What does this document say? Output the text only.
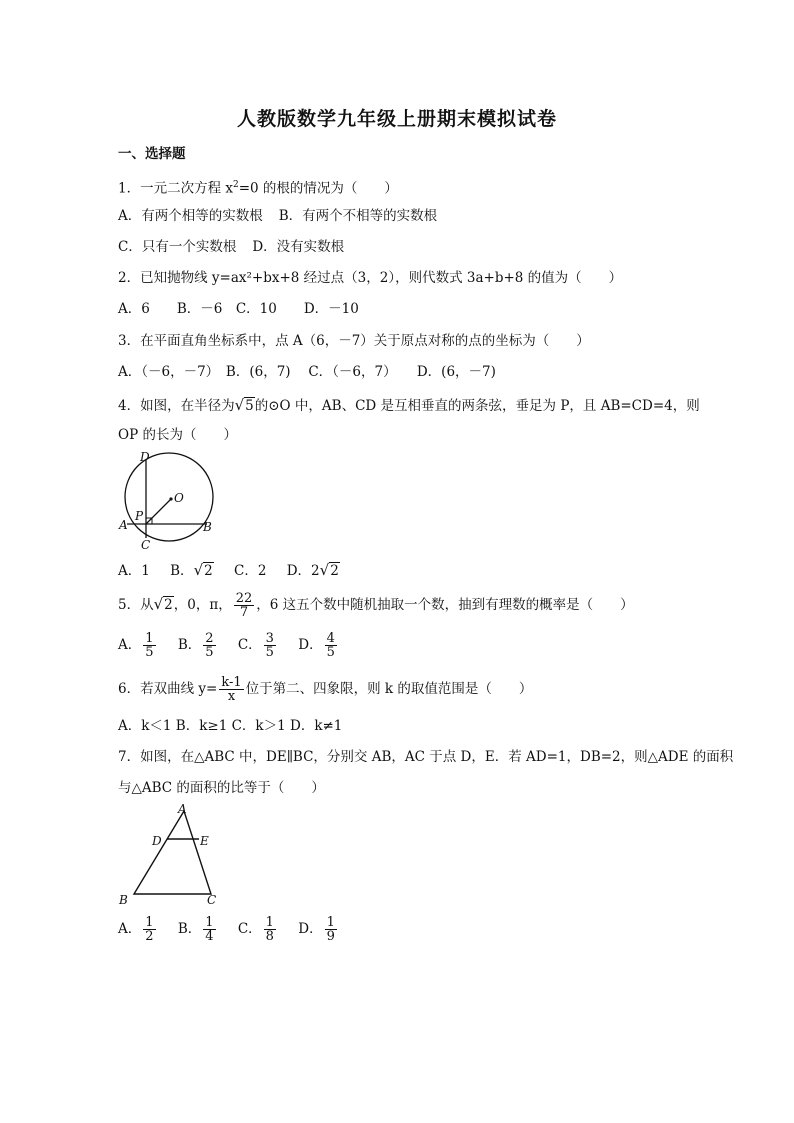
人教版数学九年级上册期末模拟试卷
一、选择题
1．一元二次方程 $x^2=0$ 的根的情况为（　　）
A．有两个相等的实数根 B．有两个不相等的实数根
C．只有一个实数根 D．没有实数根
2．已知抛物线 y=ax²+bx+8 经过点（3，2），则代数式 3a+b+8 的值为（　　）
A．6　　B．－6　C．10　　D．－10
3．在平面直角坐标系中，点 A（6，－7）关于原点对称的点的坐标为（　　）
A．（－6，－7）　B．(6，7)　 C．（－6，7）　　D．(6，－7)
4．如图，在半径为√5的⊙O 中，AB、CD 是互相垂直的两条弦，垂足为 P，且 AB=CD=4，则
OP 的长为（　　）
D
O
A
P
B
C
A．1 B．√2 C．2 D．2√2
5．从√2，0，π， $\frac{22}{7}$ ，6 这五个数中随机抽取一个数，抽到有理数的概率是（　　）
A． $\frac{1}{5}$ B． $\frac{2}{5}$ C． $\frac{3}{5}$ D． $\frac{4}{5}$
6．若双曲线 $y= \frac{k-1}{x}$ 位于第二、四象限，则 k 的取值范围是（　　）
A．k＜1 B．k≥1 C．k＞1 D．k≠1
7．如图，在△ABC 中，DE∥BC，分别交 AB，AC 于点 D，E．若 AD=1，DB=2，则△ADE 的面积
与△ABC 的面积的比等于（　　）
A
D	E
B	C
A． $\frac{1}{2}$ B． $\frac{1}{4}$ C． $\frac{1}{8}$ D． $\frac{1}{9}$
